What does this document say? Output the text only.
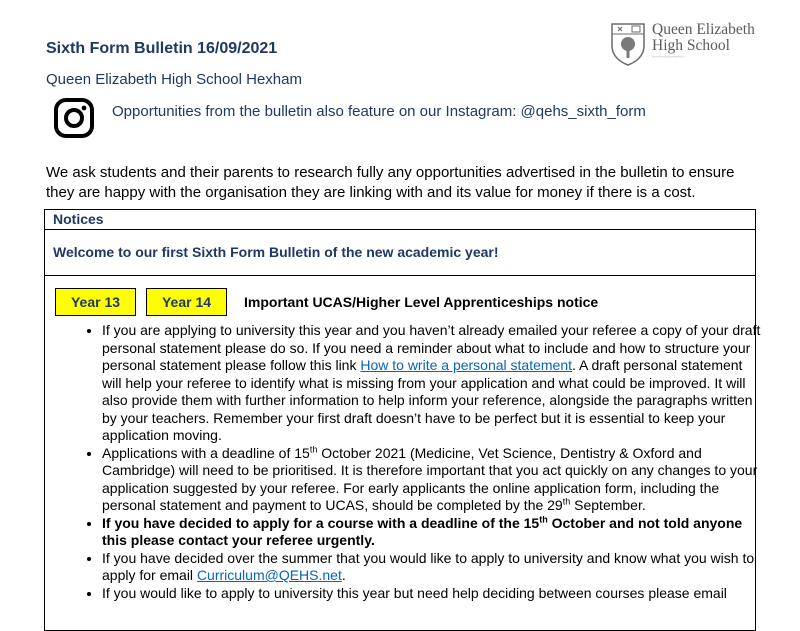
Sixth Form Bulletin 16/09/2021
Queen Elizabeth High School Hexham
Opportunities from the bulletin also feature on our Instagram: @qehs_sixth_form
Queen Elizabeth
High School
~~~~~~~~~~
We ask students and their parents to research fully any opportunities advertised in the bulletin to ensure they are happy with the organisation they are linking with and its value for money if there is a cost.
Notices
Welcome to our first Sixth Form Bulletin of the new academic year!
Year 13	Year 14	Important UCAS/Higher Level Apprenticeships notice
• If you are applying to university this year and you haven’t already emailed your referee a copy of your draft personal statement please do so. If you need a reminder about what to include and how to structure your personal statement please follow this link How to write a personal statement. A draft personal statement will help your referee to identify what is missing from your application and what could be improved. It will also provide them with further information to help inform your reference, alongside the paragraphs written by your teachers. Remember your first draft doesn’t have to be perfect but it is essential to keep your application moving.
• Applications with a deadline of 15th October 2021 (Medicine, Vet Science, Dentistry & Oxford and Cambridge) will need to be prioritised. It is therefore important that you act quickly on any changes to your application suggested by your referee. For early applicants the online application form, including the personal statement and payment to UCAS, should be completed by the 29th September.
• If you have decided to apply for a course with a deadline of the 15th October and not told anyone this please contact your referee urgently.
• If you have decided over the summer that you would like to apply to university and know what you wish to apply for email Curriculum@QEHS.net.
• If you would like to apply to university this year but need help deciding between courses please email
